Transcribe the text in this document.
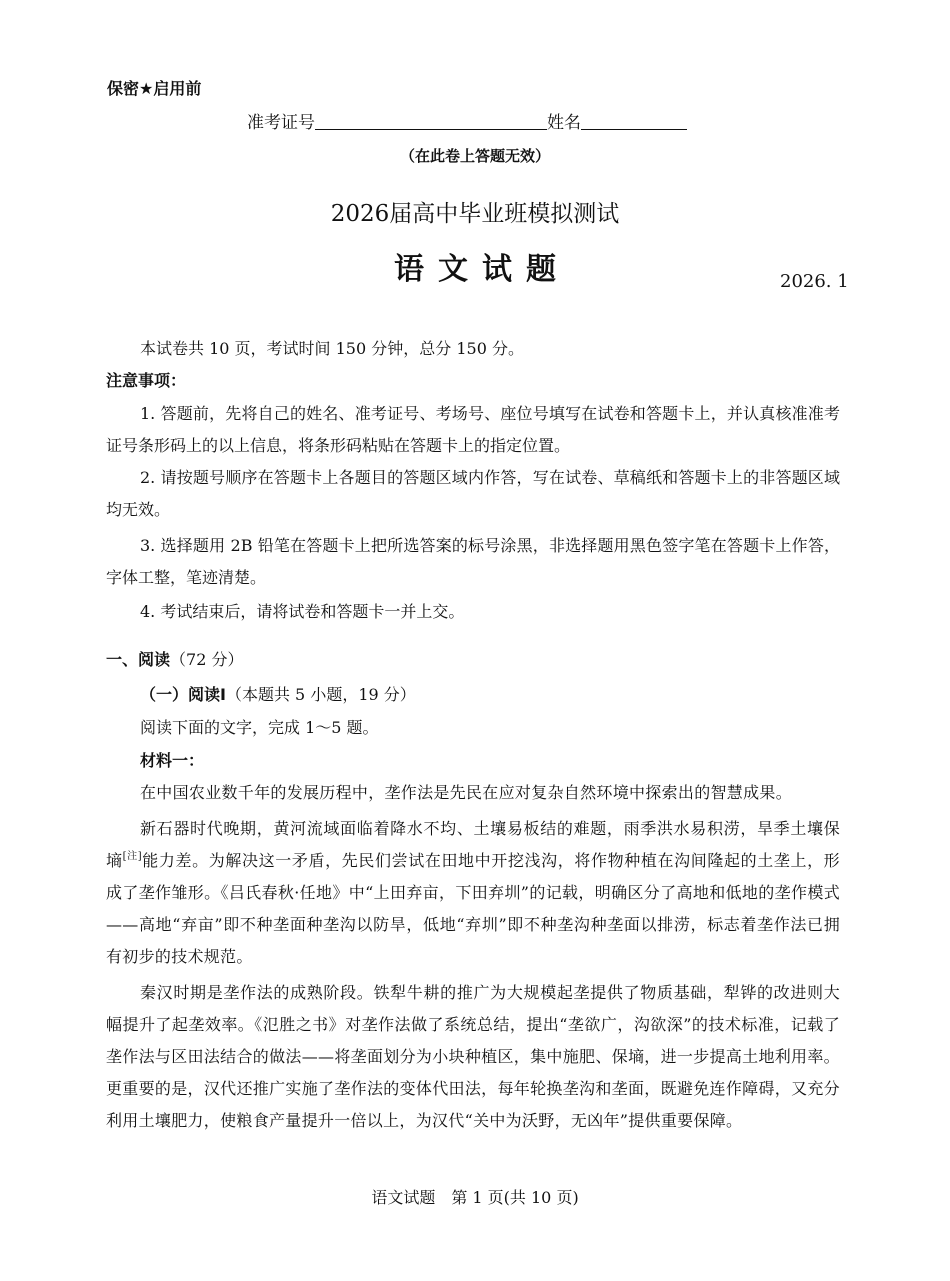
保密★启用前
准考证号	姓名
（在此卷上答题无效）
2026届高中毕业班模拟测试
语文试题	2026. 1
本试卷共 10 页，考试时间 150 分钟，总分 150 分。
注意事项：
1. 答题前，先将自己的姓名、准考证号、考场号、座位号填写在试卷和答题卡上，并认真核准准考证号条形码上的以上信息，将条形码粘贴在答题卡上的指定位置。
2. 请按题号顺序在答题卡上各题目的答题区域内作答，写在试卷、草稿纸和答题卡上的非答题区域均无效。
3. 选择题用 2B 铅笔在答题卡上把所选答案的标号涂黑，非选择题用黑色签字笔在答题卡上作答，字体工整，笔迹清楚。
4. 考试结束后，请将试卷和答题卡一并上交。
一、阅读（72 分）
（一）阅读Ⅰ（本题共 5 小题，19 分）
阅读下面的文字，完成 1～5 题。
材料一：
在中国农业数千年的发展历程中，垄作法是先民在应对复杂自然环境中探索出的智慧成果。
新石器时代晚期，黄河流域面临着降水不均、土壤易板结的难题，雨季洪水易积涝，旱季土壤保墒[注]能力差。为解决这一矛盾，先民们尝试在田地中开挖浅沟，将作物种植在沟间隆起的土垄上，形成了垄作雏形。《吕氏春秋·任地》中“上田弃亩，下田弃圳”的记载，明确区分了高地和低地的垄作模式——高地“弃亩”即不种垄面种垄沟以防旱，低地“弃圳”即不种垄沟种垄面以排涝，标志着垄作法已拥有初步的技术规范。
秦汉时期是垄作法的成熟阶段。铁犁牛耕的推广为大规模起垄提供了物质基础，犁铧的改进则大幅提升了起垄效率。《氾胜之书》对垄作法做了系统总结，提出“垄欲广，沟欲深”的技术标准，记载了垄作法与区田法结合的做法——将垄面划分为小块种植区，集中施肥、保墒，进一步提高土地利用率。更重要的是，汉代还推广实施了垄作法的变体代田法，每年轮换垄沟和垄面，既避免连作障碍，又充分利用土壤肥力，使粮食产量提升一倍以上，为汉代“关中为沃野，无凶年”提供重要保障。
语文试题　第 1 页(共 10 页)
